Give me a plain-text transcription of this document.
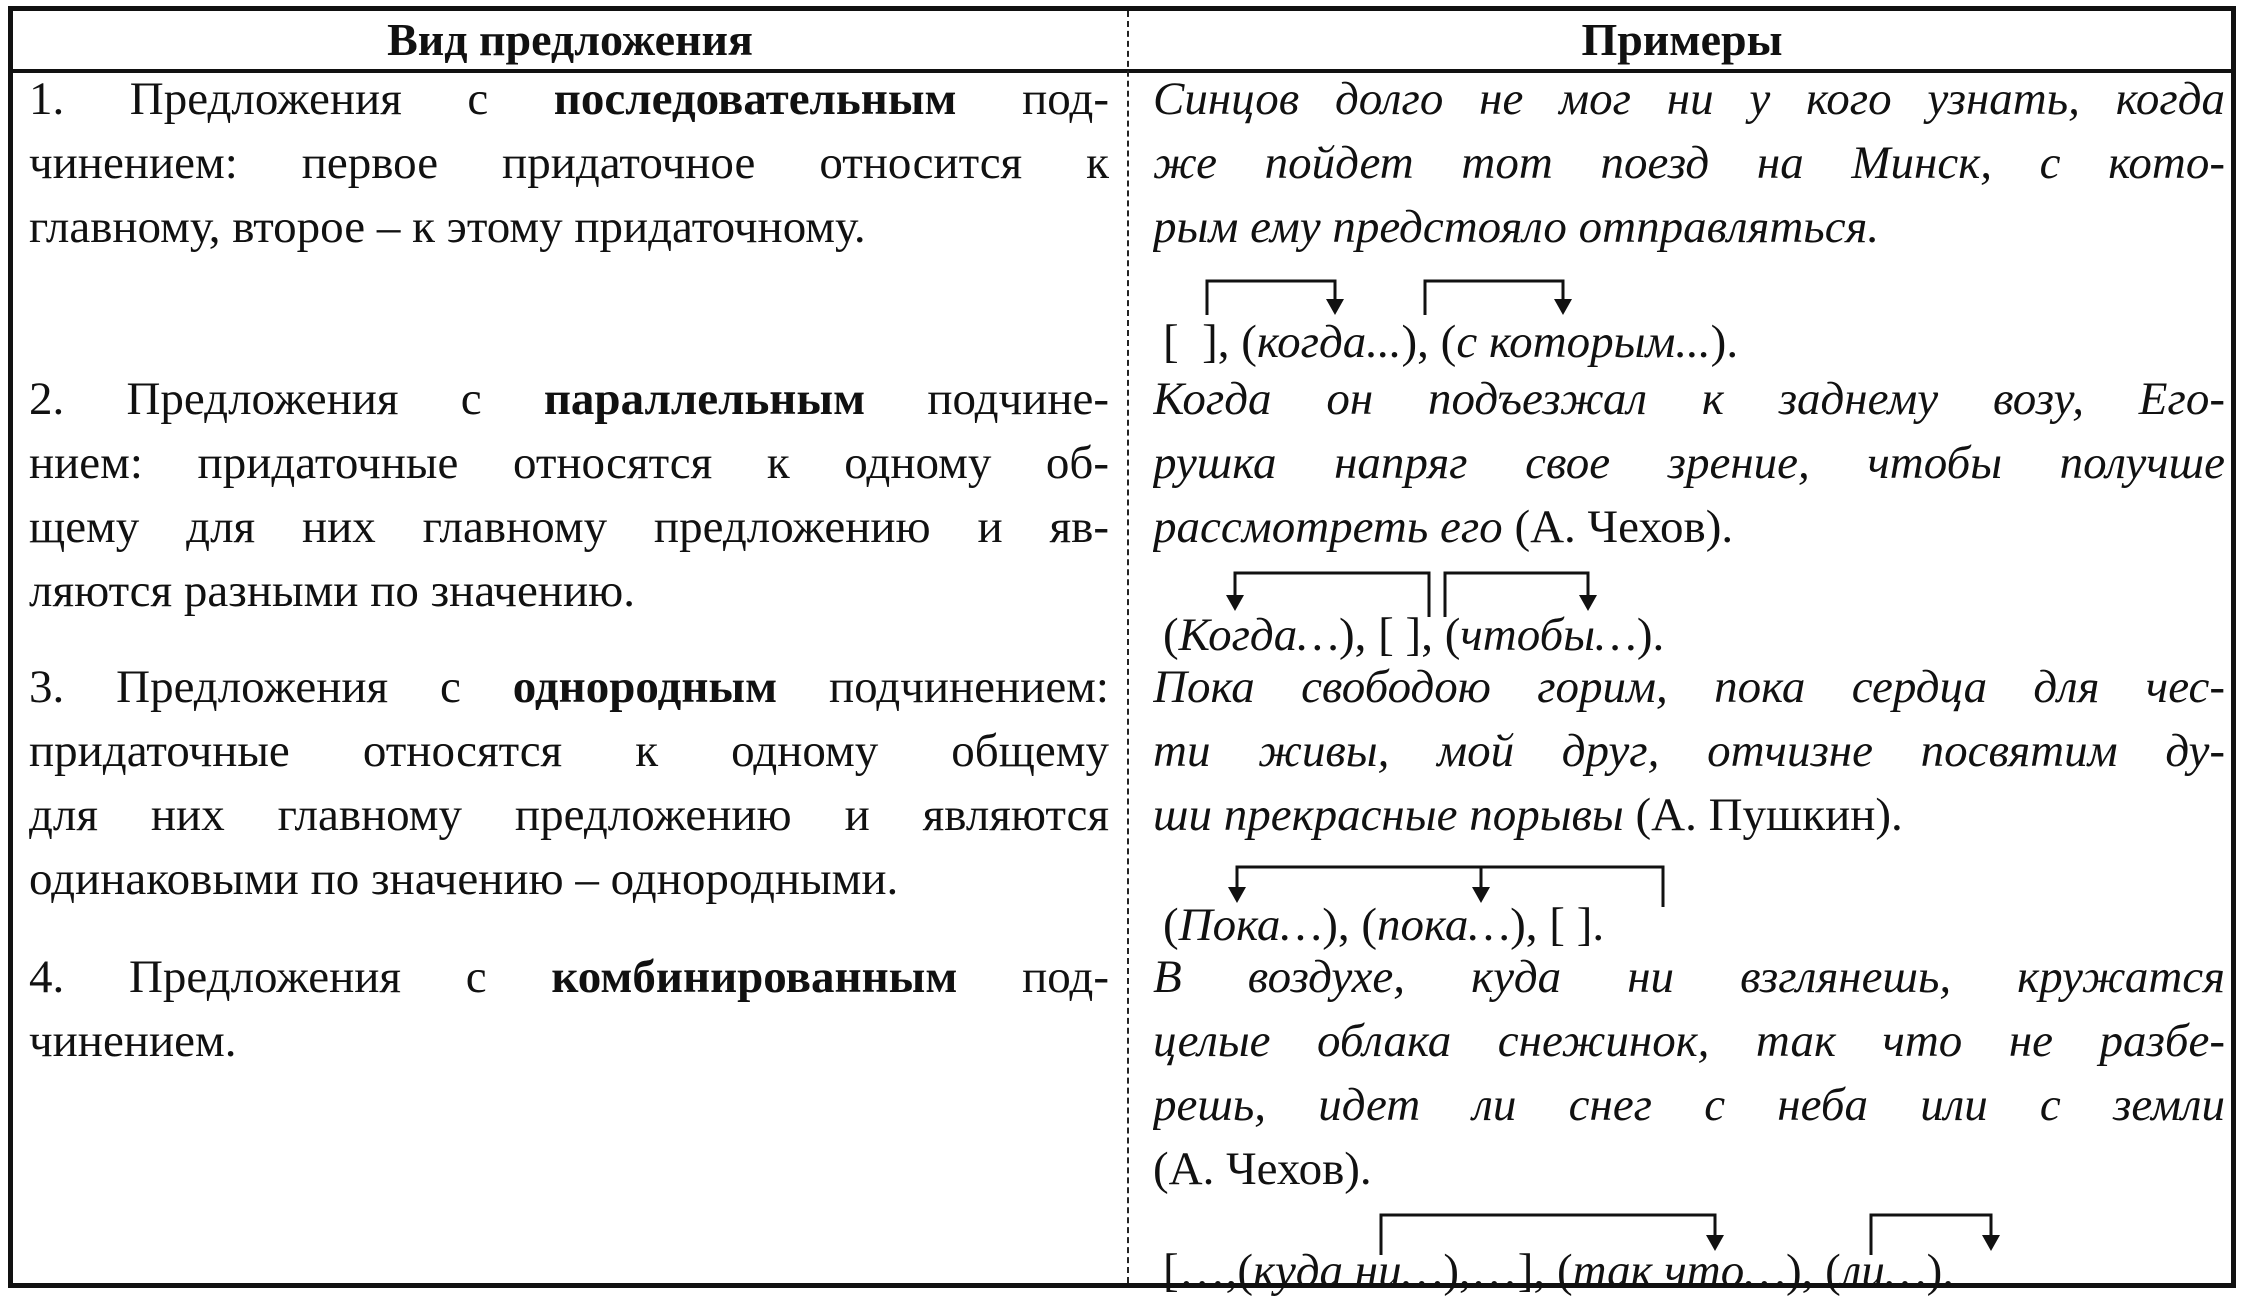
Вид предложения	Примеры
1. Предложения с последовательным под-
чинением: первое придаточное относится к
главному, второе – к этому придаточному.
Синцов долго не мог ни у кого узнать, когда
же пойдет тот поезд на Минск, с кото-
рым ему предстояло отправляться.
[  ], (когда...), (с которым...).
2. Предложения с параллельным подчине-
нием: придаточные относятся к одному об-
щему для них главному предложению и яв-
ляются разными по значению.
Когда он подъезжал к заднему возу, Его-
рушка напряг свое зрение, чтобы получше
рассмотреть его (А. Чехов).
(Когда…), [ ], (чтобы…).
3. Предложения с однородным подчинением:
придаточные относятся к одному общему
для них главному предложению и являются
одинаковыми по значению – однородными.
Пока свободою горим, пока сердца для чес-
ти живы, мой друг, отчизне посвятим ду-
ши прекрасные порывы (А. Пушкин).
(Пока…), (пока…), [ ].
4. Предложения с комбинированным под-
чинением.
В воздухе, куда ни взглянешь, кружатся
целые облака снежинок, так что не разбе-
решь, идет ли снег с неба или с земли
(А. Чехов).
[…,(куда ни…),…], (так что…), (ли…).
